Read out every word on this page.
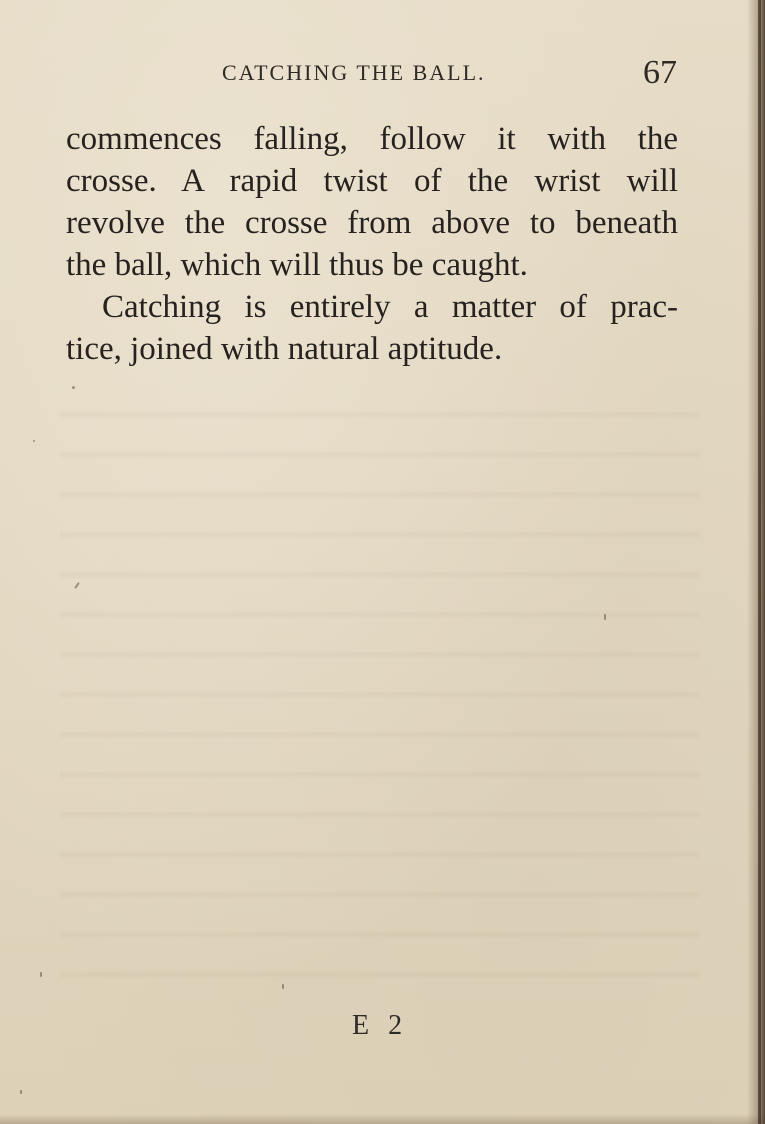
CATCHING THE BALL.	67
commences falling, follow it with the
crosse. A rapid twist of the wrist will
revolve the crosse from above to beneath
the ball, which will thus be caught.
Catching is entirely a matter of prac-
tice, joined with natural aptitude.
E 2
